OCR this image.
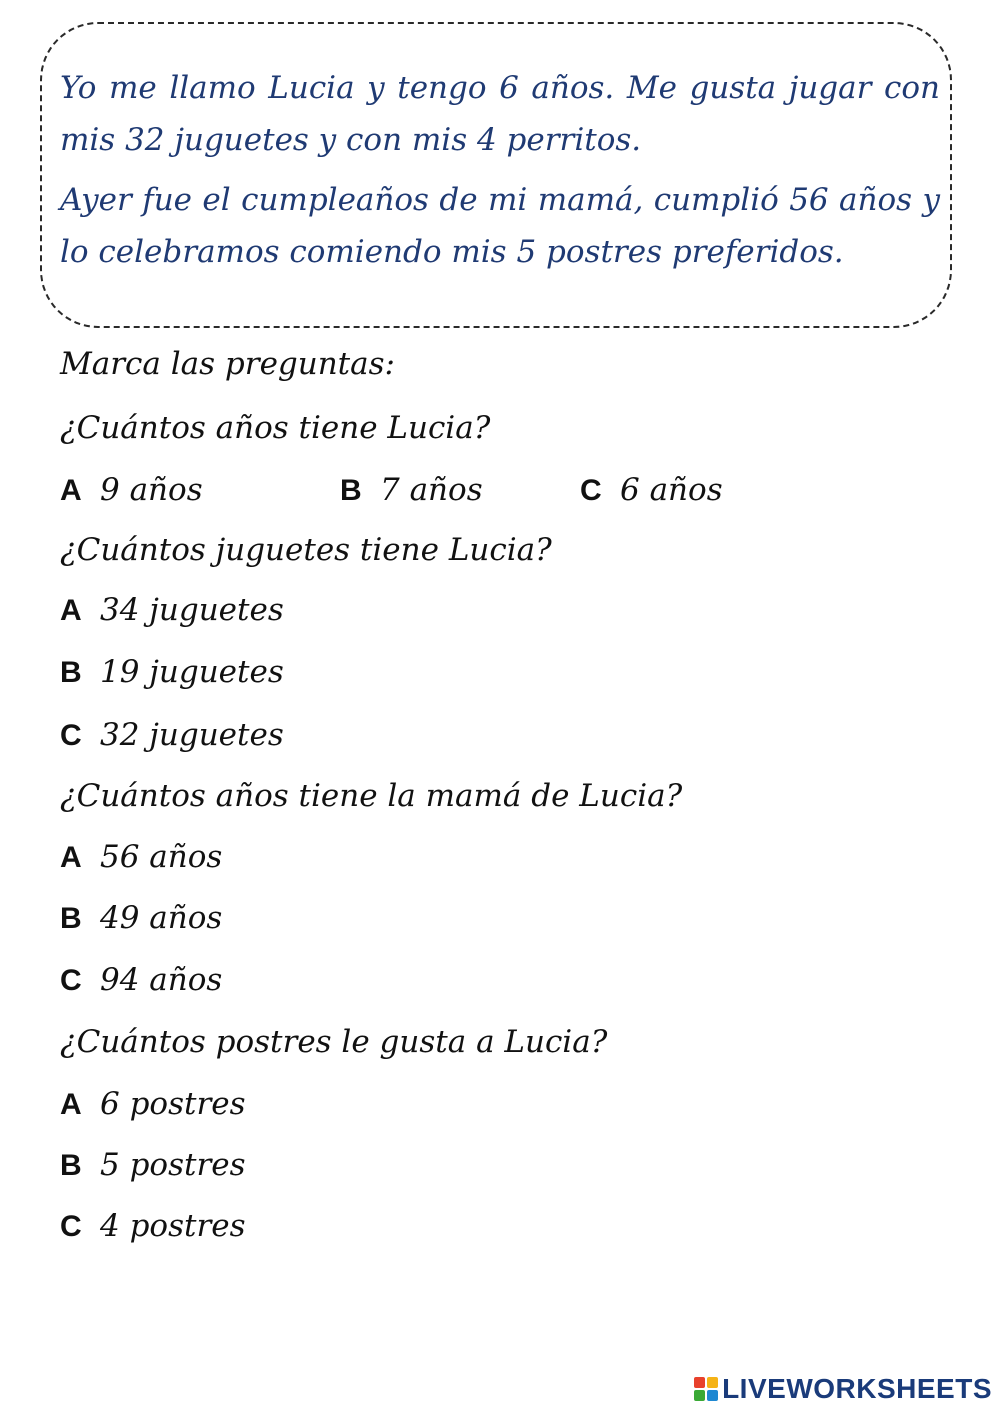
Yo me llamo Lucia y tengo 6 años. Me gusta jugar con mis 32 juguetes y con mis 4 perritos.

Ayer fue el cumpleaños de mi mamá, cumplió 56 años y lo celebramos comiendo mis 5 postres preferidos.

Marca las preguntas:
¿Cuántos años tiene Lucia?
A 9 años	B 7 años	C 6 años
¿Cuántos juguetes tiene Lucia?
A 34 juguetes
B 19 juguetes
C 32 juguetes
¿Cuántos años tiene la mamá de Lucia?
A 56 años
B 49 años
C 94 años
¿Cuántos postres le gusta a Lucia?
A 6 postres
B 5 postres
C 4 postres
LIVEWORKSHEETS
